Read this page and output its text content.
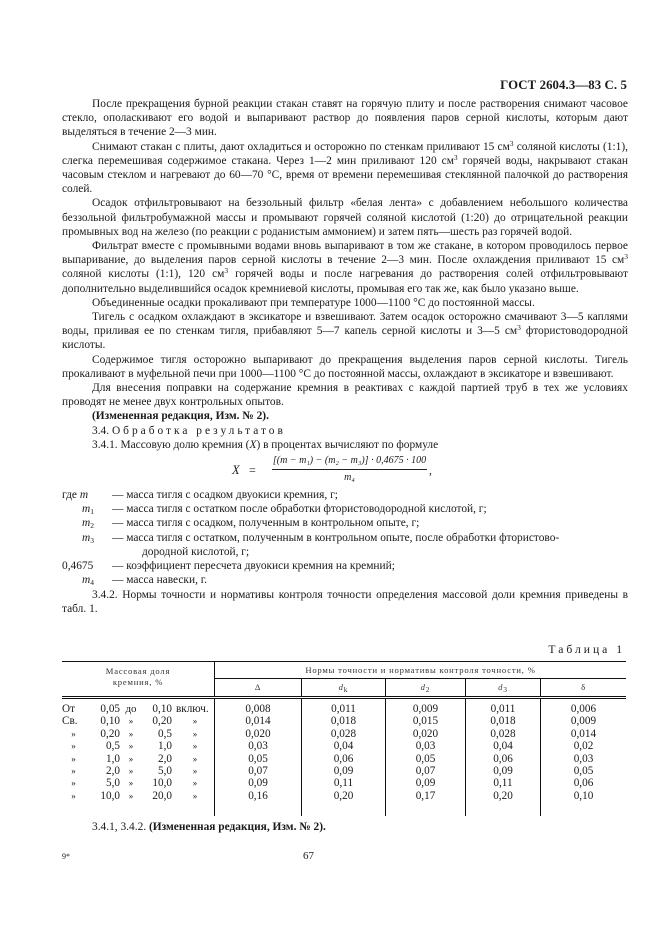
ГОСТ 2604.3—83 С. 5

После прекращения бурной реакции стакан ставят на горячую плиту и после растворения снимают часовое стекло, ополаскивают его водой и выпаривают раствор до появления паров серной кислоты, которым дают выделяться в течение 2—3 мин.

Снимают стакан с плиты, дают охладиться и осторожно по стенкам приливают 15 $см^3$ соляной кислоты (1:1), слегка перемешивая содержимое стакана. Через 1—2 мин приливают 120 $см^3$ горячей воды, накрывают стакан часовым стеклом и нагревают до 60—70 °С, время от времени перемешивая стеклянной палочкой до растворения солей.

Осадок отфильтровывают на беззольный фильтр «белая лента» с добавлением небольшого количества беззольной фильтробумажной массы и промывают горячей соляной кислотой (1:20) до отрицательной реакции промывных вод на железо (по реакции с роданистым аммонием) и затем пять—шесть раз горячей водой.

Фильтрат вместе с промывными водами вновь выпаривают в том же стакане, в котором проводилось первое выпаривание, до выделения паров серной кислоты в течение 2—3 мин. После охлаждения приливают 15 $см^3$ соляной кислоты (1:1), 120 $см^3$ горячей воды и после нагревания до растворения солей отфильтровывают дополнительно выделившийся осадок кремниевой кислоты, промывая его так же, как было указано выше.

Объединенные осадки прокаливают при температуре 1000—1100 °С до постоянной массы.

Тигель с осадком охлаждают в эксикаторе и взвешивают. Затем осадок осторожно смачивают 3—5 каплями воды, приливая ее по стенкам тигля, прибавляют 5—7 капель серной кислоты и 3—5 $см^3$ фтористоводородной кислоты.

Содержимое тигля осторожно выпаривают до прекращения выделения паров серной кислоты. Тигель прокаливают в муфельной печи при 1000—1100 °С до постоянной массы, охлаждают в эксикаторе и взвешивают.

Для внесения поправки на содержание кремния в реактивах с каждой партией труб в тех же условиях проводят не менее двух контрольных опытов.

(Измененная редакция, Изм. № 2).

3.4. Обработка результатов

3.4.1. Массовую долю кремния (X) в процентах вычисляют по формуле

$X = \frac{\text{[(m − m₁) − (m₂ − m₃)] · 0,4675 · 100}}{\text{m₄}}$ ,
где m	— масса тигля с осадком двуокиси кремния, г;
$m_1$	— масса тигля с остатком после обработки фтористоводородной кислотой, г;
$m_2$	— масса тигля с осадком, полученным в контрольном опыте, г;
$m_3$	— масса тигля с остатком, полученным в контрольном опыте, после обработки фтористово-

дородной кислотой, г;

0,4675	— коэффициент пересчета двуокиси кремния на кремний;
$m_4$	— масса навески, г.

3.4.2. Нормы точности и нормативы контроля точности определения массовой доли кремния приведены в табл. 1.

Таблица 1
Массовая доля
кремния, %	Нормы точности и нормативы контроля точности, %				
	Δ	$d_k$	$d_2$	$d_3$	δ
От 0,05 до 0,10 включ.	0,008	0,011	0,009	0,011	0,006
Св. 0,10 » 0,20 »	0,014	0,018	0,015	0,018	0,009
» 0,20 » 0,5 »	0,020	0,028	0,020	0,028	0,014
» 0,5 » 1,0 »	0,03	0,04	0,03	0,04	0,02
» 1,0 » 2,0 »	0,05	0,06	0,05	0,06	0,03
» 2,0 » 5,0 »	0,07	0,09	0,07	0,09	0,05
» 5,0 » 10,0 »	0,09	0,11	0,09	0,11	0,06
» 10,0 » 20,0 »	0,16	0,20	0,17	0,20	0,10
3.4.1, 3.4.2. (Измененная редакция, Изм. № 2).
9*	67
